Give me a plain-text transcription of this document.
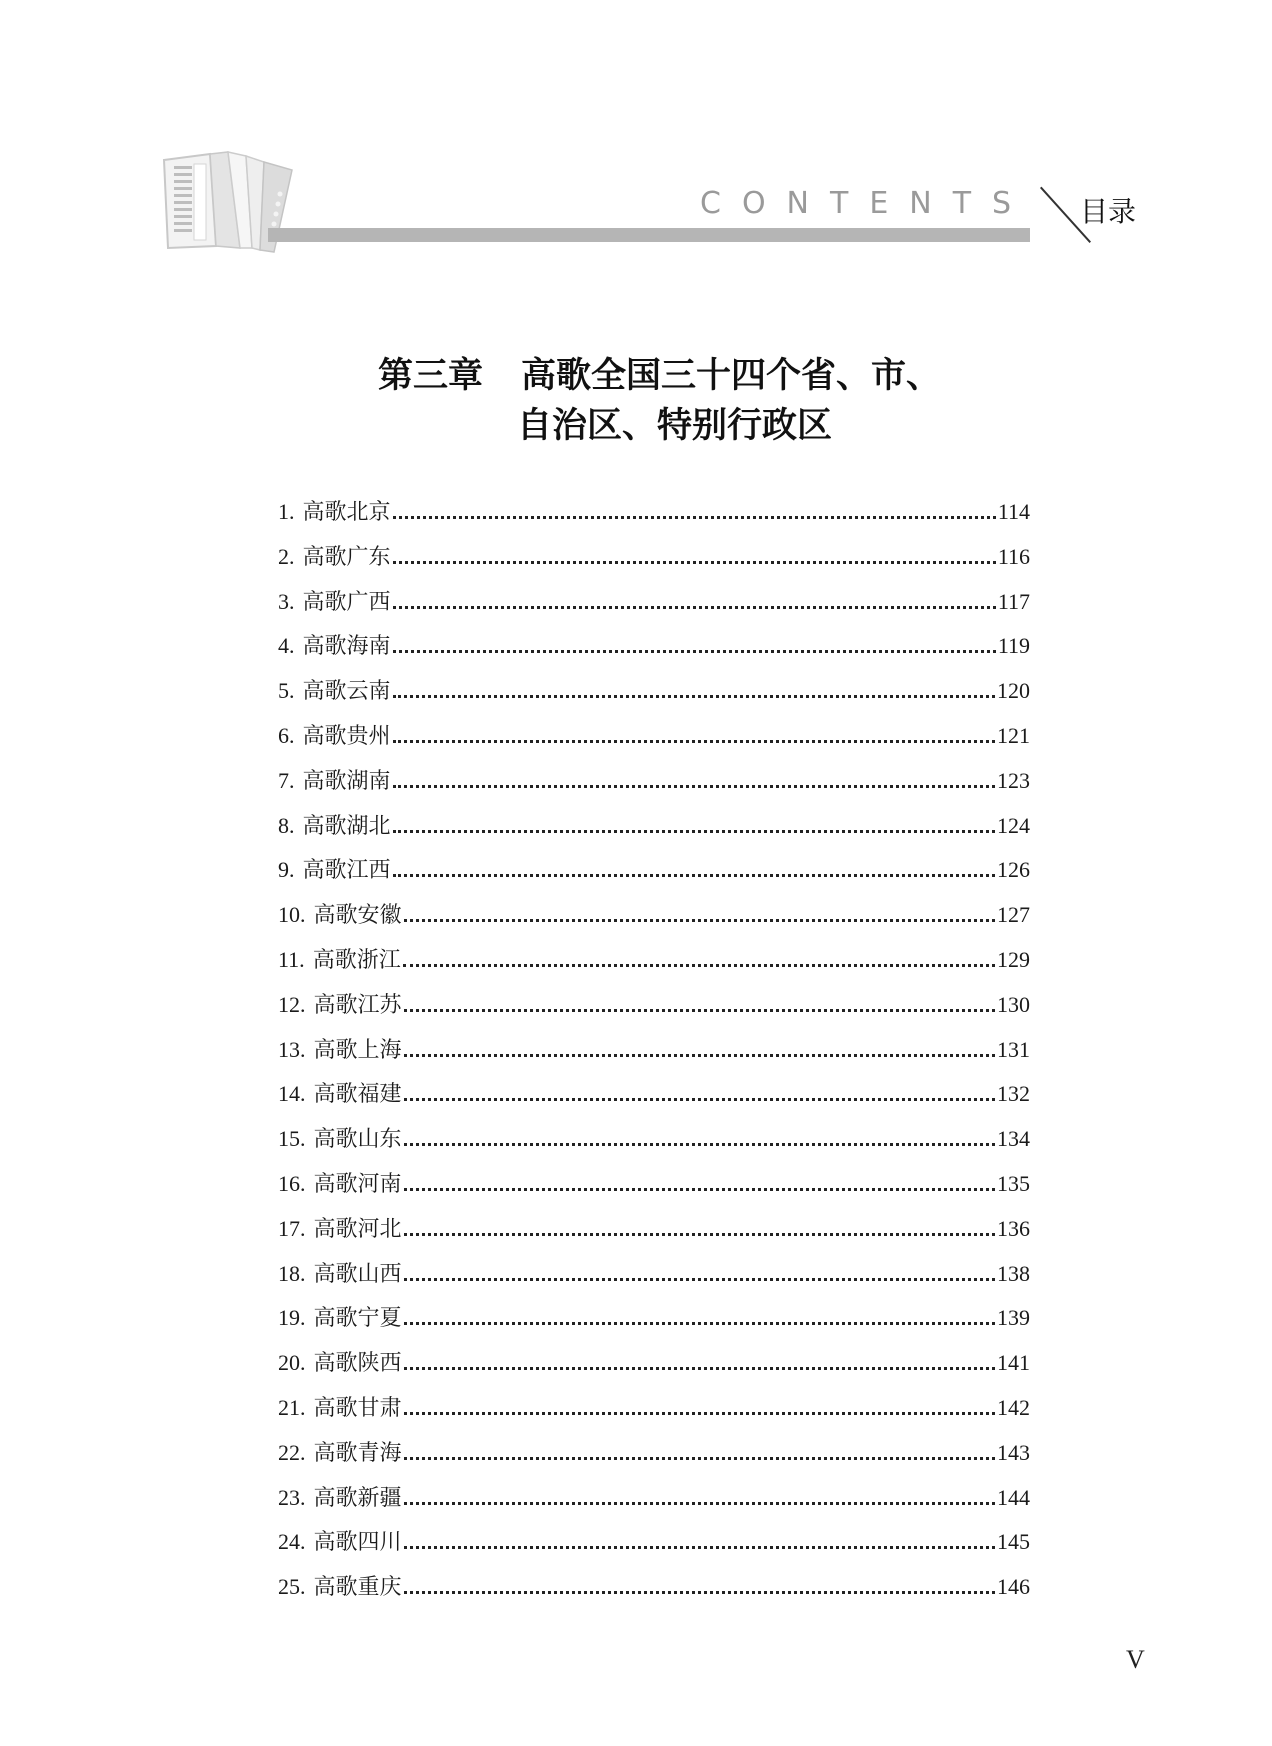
CONTENTS 目录
第三章 高歌全国三十四个省、市、
自治区、特别行政区
1. 高歌北京	114
2. 高歌广东	116
3. 高歌广西	117
4. 高歌海南	119
5. 高歌云南	120
6. 高歌贵州	121
7. 高歌湖南	123
8. 高歌湖北	124
9. 高歌江西	126
10. 高歌安徽	127
11. 高歌浙江	129
12. 高歌江苏	130
13. 高歌上海	131
14. 高歌福建	132
15. 高歌山东	134
16. 高歌河南	135
17. 高歌河北	136
18. 高歌山西	138
19. 高歌宁夏	139
20. 高歌陕西	141
21. 高歌甘肃	142
22. 高歌青海	143
23. 高歌新疆	144
24. 高歌四川	145
25. 高歌重庆	146
V
